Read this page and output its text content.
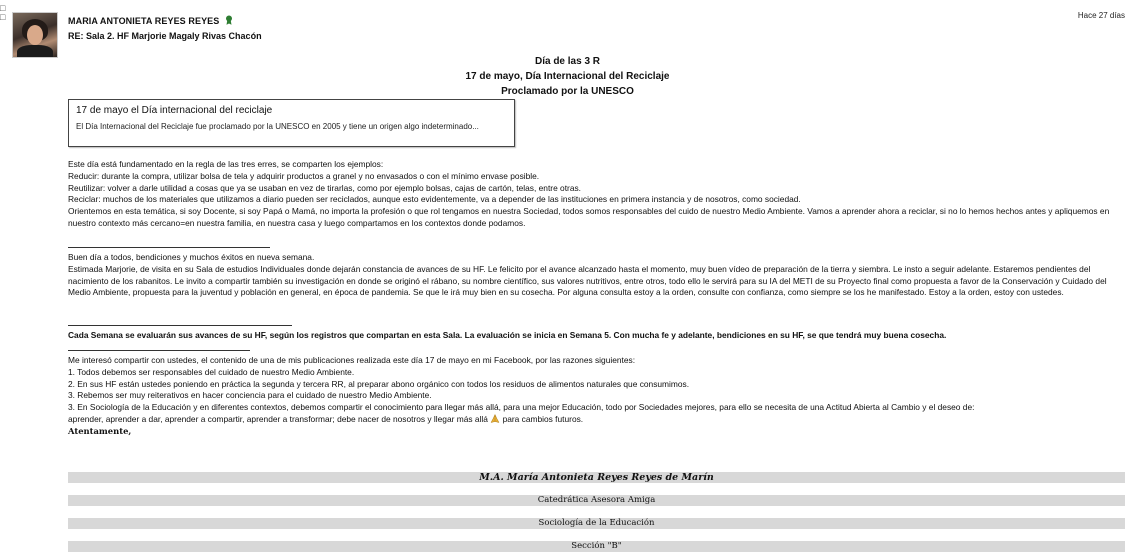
□
□	MARIA ANTONIETA REYES REYES
RE: Sala 2. HF Marjorie Magaly Rivas Chacón
Hace 27 días
Día de las 3 R
17 de mayo, Día Internacional del Reciclaje
Proclamado por la UNESCO
17 de mayo el Día internacional del reciclaje
El Día Internacional del Reciclaje fue proclamado por la UNESCO en 2005 y tiene un origen algo indeterminado...

Este día está fundamentado en la regla de las tres erres, se comparten los ejemplos:

Reducir: durante la compra, utilizar bolsa de tela y adquirir productos a granel y no envasados o con el mínimo envase posible.

Reutilizar: volver a darle utilidad a cosas que ya se usaban en vez de tirarlas, como por ejemplo bolsas, cajas de cartón, telas, entre otras.

Reciclar: muchos de los materiales que utilizamos a diario pueden ser reciclados, aunque esto evidentemente, va a depender de las instituciones en primera instancia y de nosotros, como sociedad.

Orientemos en esta temática, si soy Docente, si soy Papá o Mamá, no importa la profesión o que rol tengamos en nuestra Sociedad, todos somos responsables del cuido de nuestro Medio Ambiente. Vamos a aprender ahora a reciclar, si no lo hemos hechos antes y apliquemos en nuestro contexto más cercano=en nuestra familia, en nuestra casa y luego compartamos en los contextos donde podamos.

Buen día a todos, bendiciones y muchos éxitos en nueva semana.

Estimada Marjorie, de visita en su Sala de estudios Individuales donde dejarán constancia de avances de su HF. Le felicito por el avance alcanzado hasta el momento, muy buen vídeo de preparación de la tierra y siembra. Le insto a seguir adelante. Estaremos pendientes del nacimiento de los rabanitos. Le invito a compartir también su investigación en donde se originó el rábano, su nombre científico, sus valores nutritivos, entre otros, todo ello le servirá para su IA del METI de su Proyecto final como propuesta a favor de la Conservación y Cuidado del Medio Ambiente, propuesta para la juventud y población en general, en época de pandemia. Se que le irá muy bien en su cosecha. Por alguna consulta estoy a la orden, consulte con confianza, como siempre se los he manifestado. Estoy a la orden, estoy con ustedes.

Cada Semana se evaluarán sus avances de su HF, según los registros que compartan en esta Sala. La evaluación se inicia en Semana 5. Con mucha fe y adelante, bendiciones en su HF, se que tendrá muy buena cosecha.

Me interesó compartir con ustedes, el contenido de una de mis publicaciones realizada este día 17 de mayo en mi Facebook, por las razones siguientes:

1. Todos debemos ser responsables del cuidado de nuestro Medio Ambiente.

2. En sus HF están ustedes poniendo en práctica la segunda y tercera RR, al preparar abono orgánico con todos los residuos de alimentos naturales que consumimos.

3. Rebemos ser muy reiterativos en hacer conciencia para el cuidado de nuestro Medio Ambiente.

3. En Sociología de la Educación y en diferentes contextos, debemos compartir el conocimiento para llegar más allá, para una mejor Educación, todo por Sociedades mejores, para ello se necesita de una Actitud Abierta al Cambio y el deseo de:

aprender, aprender a dar, aprender a compartir, aprender a transformar; debe nacer de nosotros y llegar más allá para cambios futuros.

Atentamente,

M.A. María Antonieta Reyes Reyes de Marín
Catedrática Asesora Amiga
Sociología de la Educación
Sección "B"
